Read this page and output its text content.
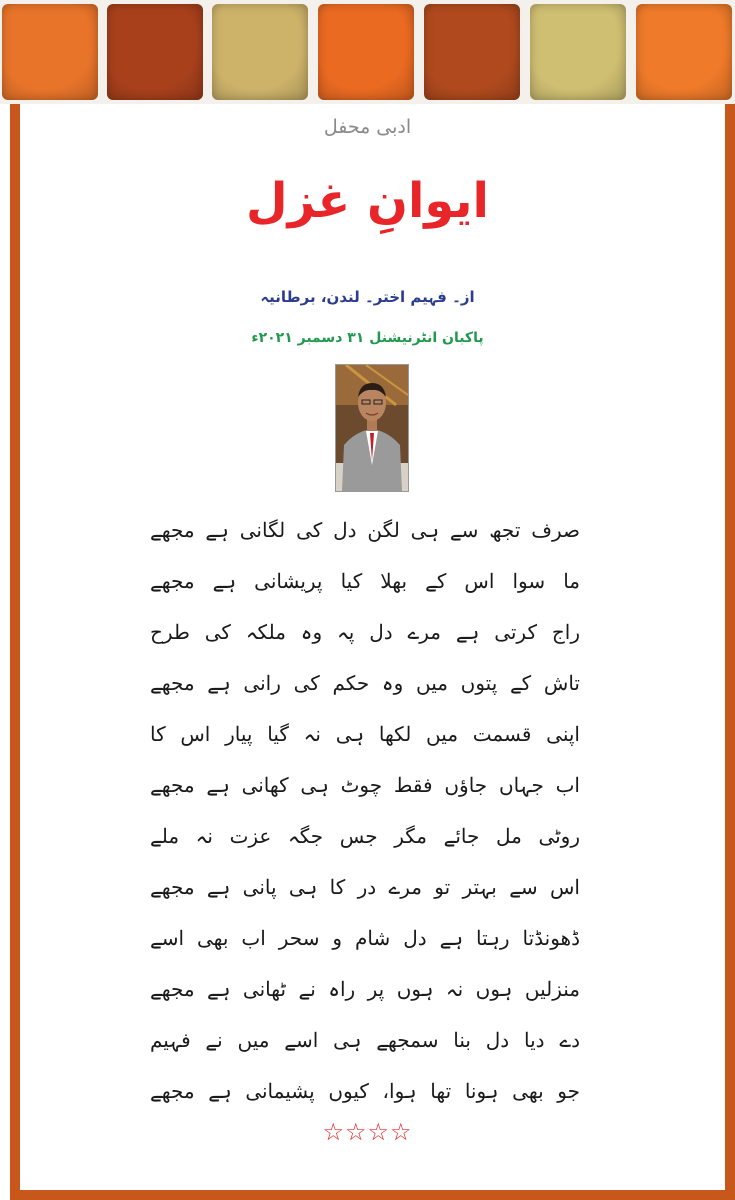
ادبی محفل
ایوانِ غزل
از۔ فہیم اختر۔ لندن، برطانیہ
پاکبان انٹرنیشنل ۳۱ دسمبر ۲۰۲۱ء
صرف تجھ سے ہی لگن دل کی لگانی ہے مجھے
ما سوا اس کے بھلا کیا پریشانی ہے مجھے
راج کرتی ہے مرے دل پہ وہ ملکہ کی طرح
تاش کے پتوں میں وہ حکم کی رانی ہے مجھے
اپنی قسمت میں لکھا ہی نہ گیا پیار اس کا
اب جہاں جاؤں فقط چوٹ ہی کھانی ہے مجھے
روٹی مل جائے مگر جس جگہ عزت نہ ملے
اس سے بہتر تو مرے در کا ہی پانی ہے مجھے
ڈھونڈتا رہتا ہے دل شام و سحر اب بھی اسے
منزلیں ہوں نہ ہوں پر راہ نے ٹھانی ہے مجھے
دے دیا دل بنا سمجھے ہی اسے میں نے فہیم
جو بھی ہونا تھا ہوا، کیوں پشیمانی ہے مجھے
☆☆☆☆
